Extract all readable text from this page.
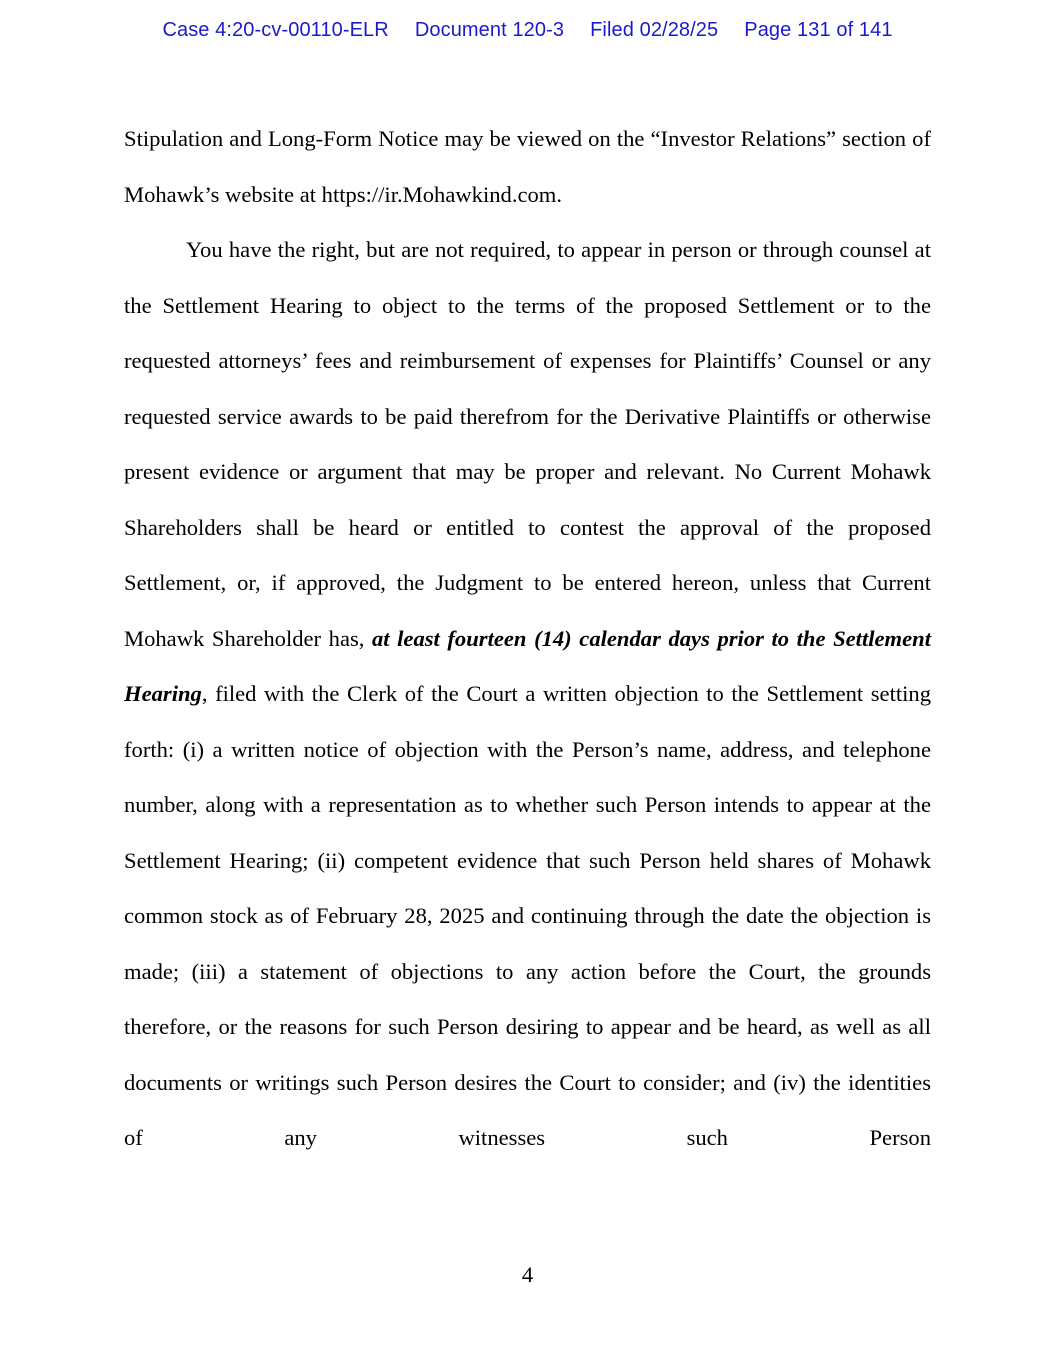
Case 4:20-cv-00110-ELR Document 120-3 Filed 02/28/25 Page 131 of 141

Stipulation and Long-Form Notice may be viewed on the “Investor Relations” section of Mohawk’s website at https://ir.Mohawkind.com.

You have the right, but are not required, to appear in person or through counsel at the Settlement Hearing to object to the terms of the proposed Settlement or to the requested attorneys’ fees and reimbursement of expenses for Plaintiffs’ Counsel or any requested service awards to be paid therefrom for the Derivative Plaintiffs or otherwise present evidence or argument that may be proper and relevant. No Current Mohawk Shareholders shall be heard or entitled to contest the approval of the proposed Settlement, or, if approved, the Judgment to be entered hereon, unless that Current Mohawk Shareholder has, at least fourteen (14) calendar days prior to the Settlement Hearing, filed with the Clerk of the Court a written objection to the Settlement setting forth: (i) a written notice of objection with the Person’s name, address, and telephone number, along with a representation as to whether such Person intends to appear at the Settlement Hearing; (ii) competent evidence that such Person held shares of Mohawk common stock as of February 28, 2025 and continuing through the date the objection is made; (iii) a statement of objections to any action before the Court, the grounds therefore, or the reasons for such Person desiring to appear and be heard, as well as all documents or writings such Person desires the Court to consider; and (iv) the identities of any witnesses such Person

4
